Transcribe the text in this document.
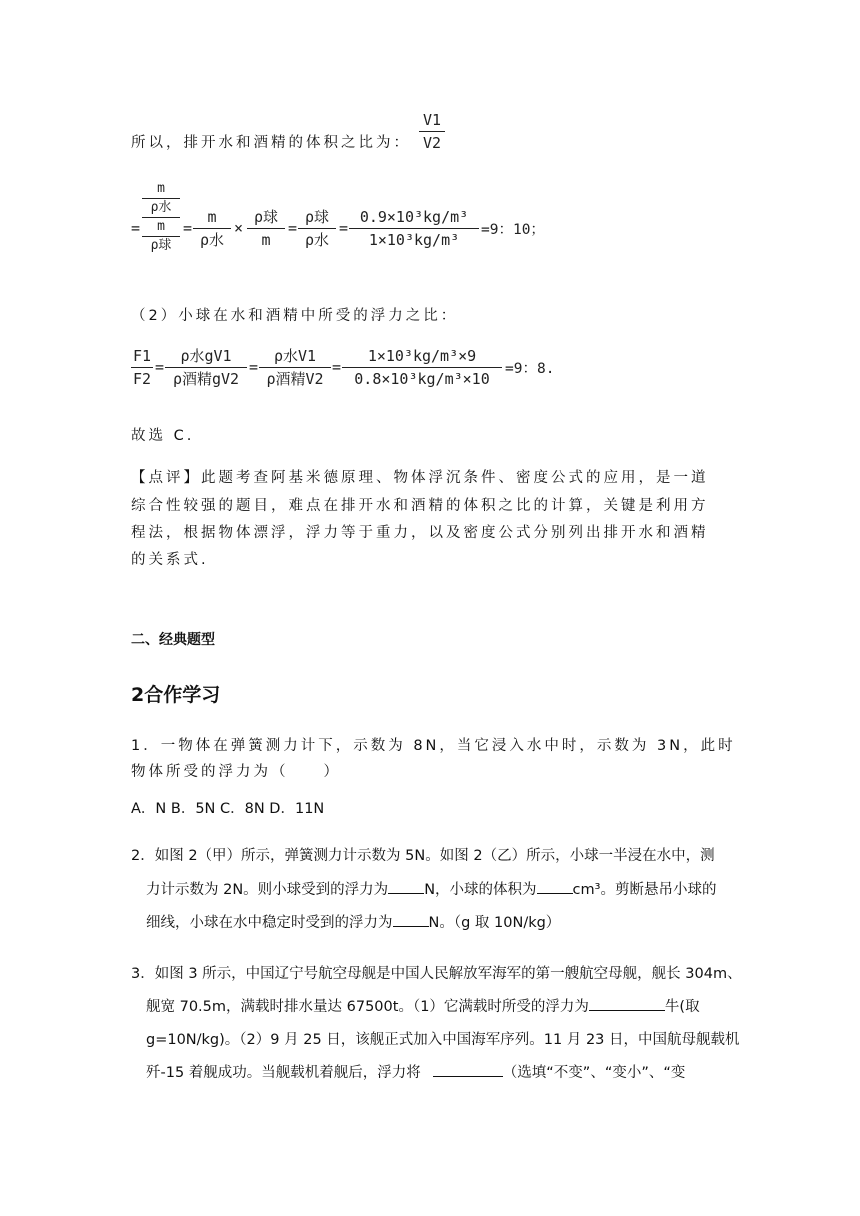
所以，排开水和酒精的体积之比为：
V1
V2
=
m
ρ水
m
ρ球
=
m
ρ水
×
ρ球
m
=
ρ球
ρ水
=
0.9×10³kg/m³
1×10³kg/m³
=9：10；
（2）小球在水和酒精中所受的浮力之比：
F1
F2
=
ρ水gV1
ρ酒精gV2
=
ρ水V1
ρ酒精V2
=
1×10³kg/m³×9
0.8×10³kg/m³×10
=9：8.
故选 C.
【点评】此题考查阿基米德原理、物体浮沉条件、密度公式的应用，是一道
综合性较强的题目，难点在排开水和酒精的体积之比的计算，关键是利用方
程法，根据物体漂浮，浮力等于重力，以及密度公式分别列出排开水和酒精
的关系式.
二、经典题型
2合作学习
1．一物体在弹簧测力计下，示数为 8N，当它浸入水中时，示数为 3N，此时
物体所受的浮力为（　　）
A．N B．5N C．8N D．11N
2．如图 2（甲）所示，弹簧测力计示数为 5N。如图 2（乙）所示，小球一半浸在水中，测
力计示数为 2N。则小球受到的浮力为 N，小球的体积为 cm³。剪断悬吊小球的
细线，小球在水中稳定时受到的浮力为 N。（g 取 10N/kg）
3．如图 3 所示，中国辽宁号航空母舰是中国人民解放军海军的第一艘航空母舰，舰长 304m、
舰宽 70.5m，满载时排水量达 67500t。（1）它满载时所受的浮力为	牛(取
g=10N/kg)。（2）9 月 25 日，该舰正式加入中国海军序列。11 月 23 日，中国航母舰载机
歼-15 着舰成功。当舰载机着舰后，浮力将	（选填“不变”、“变小”、“变
